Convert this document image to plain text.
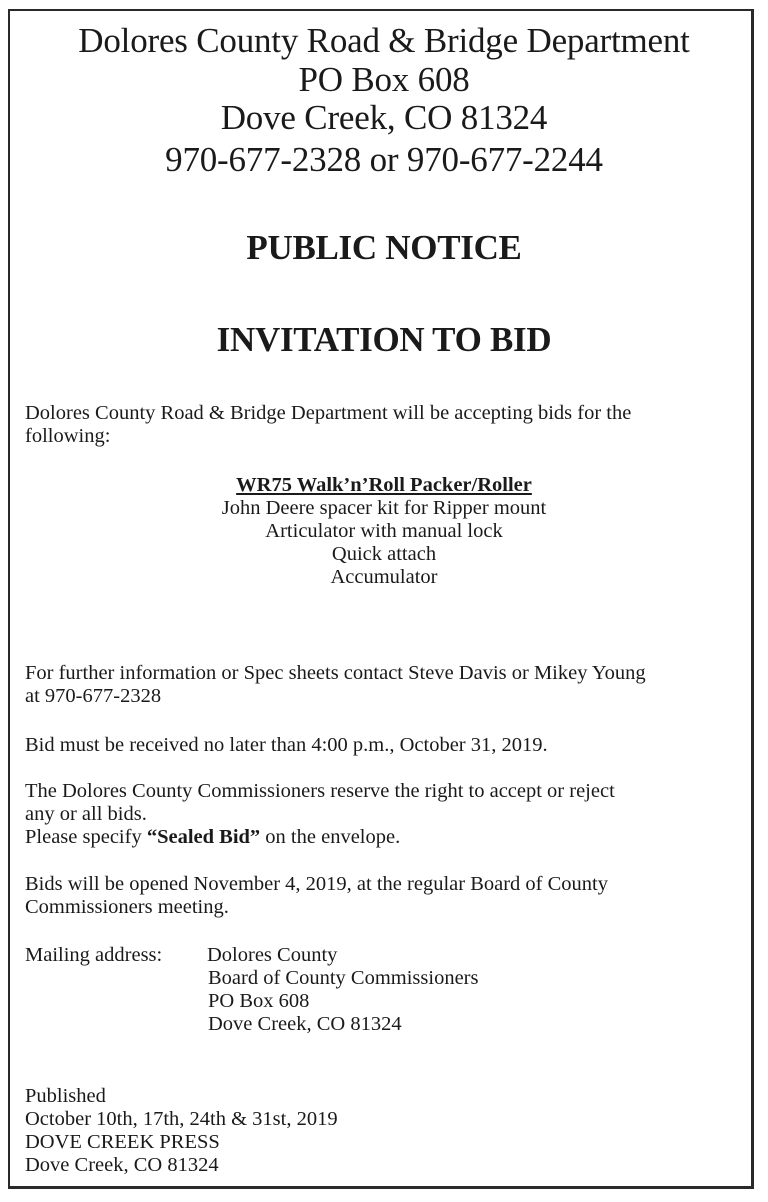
Dolores County Road & Bridge Department
PO Box 608
Dove Creek, CO 81324
970-677-2328 or 970-677-2244
PUBLIC NOTICE
INVITATION TO BID
Dolores County Road & Bridge Department will be accepting bids for the
following:
WR75 Walk’n’Roll Packer/Roller
John Deere spacer kit for Ripper mount
Articulator with manual lock
Quick attach
Accumulator
For further information or Spec sheets contact Steve Davis or Mikey Young
at 970-677-2328
Bid must be received no later than 4:00 p.m., October 31, 2019.
The Dolores County Commissioners reserve the right to accept or reject
any or all bids.
Please specify “Sealed Bid” on the envelope.
Bids will be opened November 4, 2019, at the regular Board of County
Commissioners meeting.
Mailing address: Dolores County
Board of County Commissioners
PO Box 608
Dove Creek, CO 81324
Published
October 10th, 17th, 24th & 31st, 2019
DOVE CREEK PRESS
Dove Creek, CO 81324
